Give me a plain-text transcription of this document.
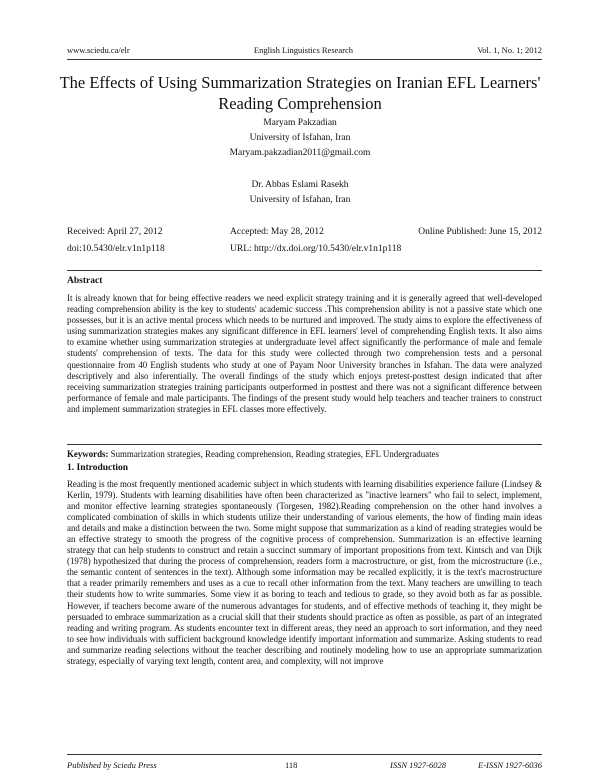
www.sciedu.ca/elr	English Linguistics Research	Vol. 1, No. 1; 2012
The Effects of Using Summarization Strategies on Iranian EFL Learners'
Reading Comprehension
Maryam Pakzadian
University of Isfahan, Iran
Maryam.pakzadian2011@gmail.com
Dr. Abbas Eslami Rasekh
University of Isfahan, Iran
Received: April 27, 2012	Accepted: May 28, 2012	Online Published: June 15, 2012
doi:10.5430/elr.v1n1p118	URL: http://dx.doi.org/10.5430/elr.v1n1p118
Abstract
It is already known that for being effective readers we need explicit strategy training and it is generally agreed that well-developed reading comprehension ability is the key to students' academic success .This comprehension ability is not a passive state which one possesses, but it is an active mental process which needs to be nurtured and improved. The study aims to explore the effectiveness of using summarization strategies makes any significant difference in EFL learners' level of comprehending English texts. It also aims to examine whether using summarization strategies at undergraduate level affect significantly the performance of male and female students' comprehension of texts. The data for this study were collected through two comprehension tests and a personal questionnaire from 40 English students who study at one of Payam Noor University branches in Isfahan. The data were analyzed descriptively and also inferentially. The overall findings of the study which enjoys pretest-posttest design indicated that after receiving summarization strategies training participants outperformed in posttest and there was not a significant difference between performance of female and male participants. The findings of the present study would help teachers and teacher trainers to construct and implement summarization strategies in EFL classes more effectively.
Keywords: Summarization strategies, Reading comprehension, Reading strategies, EFL Undergraduates
1. Introduction
Reading is the most frequently mentioned academic subject in which students with learning disabilities experience failure (Lindsey & Kerlin, 1979). Students with learning disabilities have often been characterized as "inactive learners" who fail to select, implement, and monitor effective learning strategies spontaneously (Torgesen, 1982).Reading comprehension on the other hand involves a complicated combination of skills in which students utilize their understanding of various elements, the how of finding main ideas and details and make a distinction between the two. Some might suppose that summarization as a kind of reading strategies would be an effective strategy to smooth the progress of the cognitive process of comprehension. Summarization is an effective learning strategy that can help students to construct and retain a succinct summary of important propositions from text. Kintsch and van Dijk (1978) hypothesized that during the process of comprehension, readers form a macrostructure, or gist, from the microstructure (i.e., the semantic content of sentences in the text). Although some information may be recalled explicitly, it is the text's macrostructure that a reader primarily remembers and uses as a cue to recall other information from the text. Many teachers are unwilling to teach their students how to write summaries. Some view it as boring to teach and tedious to grade, so they avoid both as far as possible. However, if teachers become aware of the numerous advantages for students, and of effective methods of teaching it, they might be persuaded to embrace summarization as a crucial skill that their students should practice as often as possible, as part of an integrated reading and writing program. As students encounter text in different areas, they need an approach to sort information, and they need to see how individuals with sufficient background knowledge identify important information and summarize. Asking students to read and summarize reading selections without the teacher describing and routinely modeling how to use an appropriate summarization strategy, especially of varying text length, content area, and complexity, will not improve
Published by Sciedu Press	118	ISSN 1927-6028	E-ISSN 1927-6036
